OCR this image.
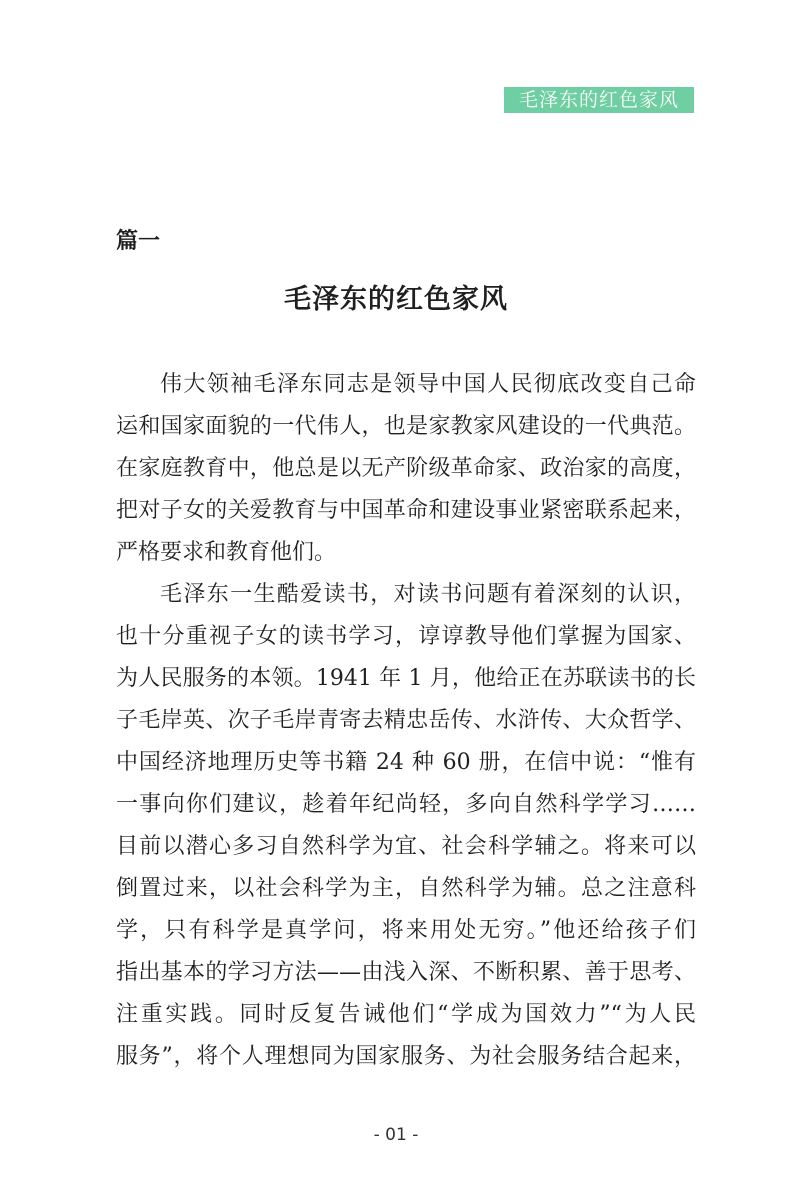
毛泽东的红色家风
篇一
毛泽东的红色家风
伟大领袖毛泽东同志是领导中国人民彻底改变自己命
运和国家面貌的一代伟人，也是家教家风建设的一代典范。
在家庭教育中，他总是以无产阶级革命家、政治家的高度，
把对子女的关爱教育与中国革命和建设事业紧密联系起来，
严格要求和教育他们。
毛泽东一生酷爱读书，对读书问题有着深刻的认识，
也十分重视子女的读书学习，谆谆教导他们掌握为国家、
为人民服务的本领。1941 年 1 月，他给正在苏联读书的长
子毛岸英、次子毛岸青寄去精忠岳传、水浒传、大众哲学、
中国经济地理历史等书籍 24 种 60 册，在信中说：“惟有
一事向你们建议，趁着年纪尚轻，多向自然科学学习……
目前以潜心多习自然科学为宜、社会科学辅之。将来可以
倒置过来，以社会科学为主，自然科学为辅。总之注意科
学，只有科学是真学问，将来用处无穷。”他还给孩子们
指出基本的学习方法——由浅入深、不断积累、善于思考、
注重实践。同时反复告诫他们“学成为国效力”“为人民
服务”，将个人理想同为国家服务、为社会服务结合起来，
- 01 -
